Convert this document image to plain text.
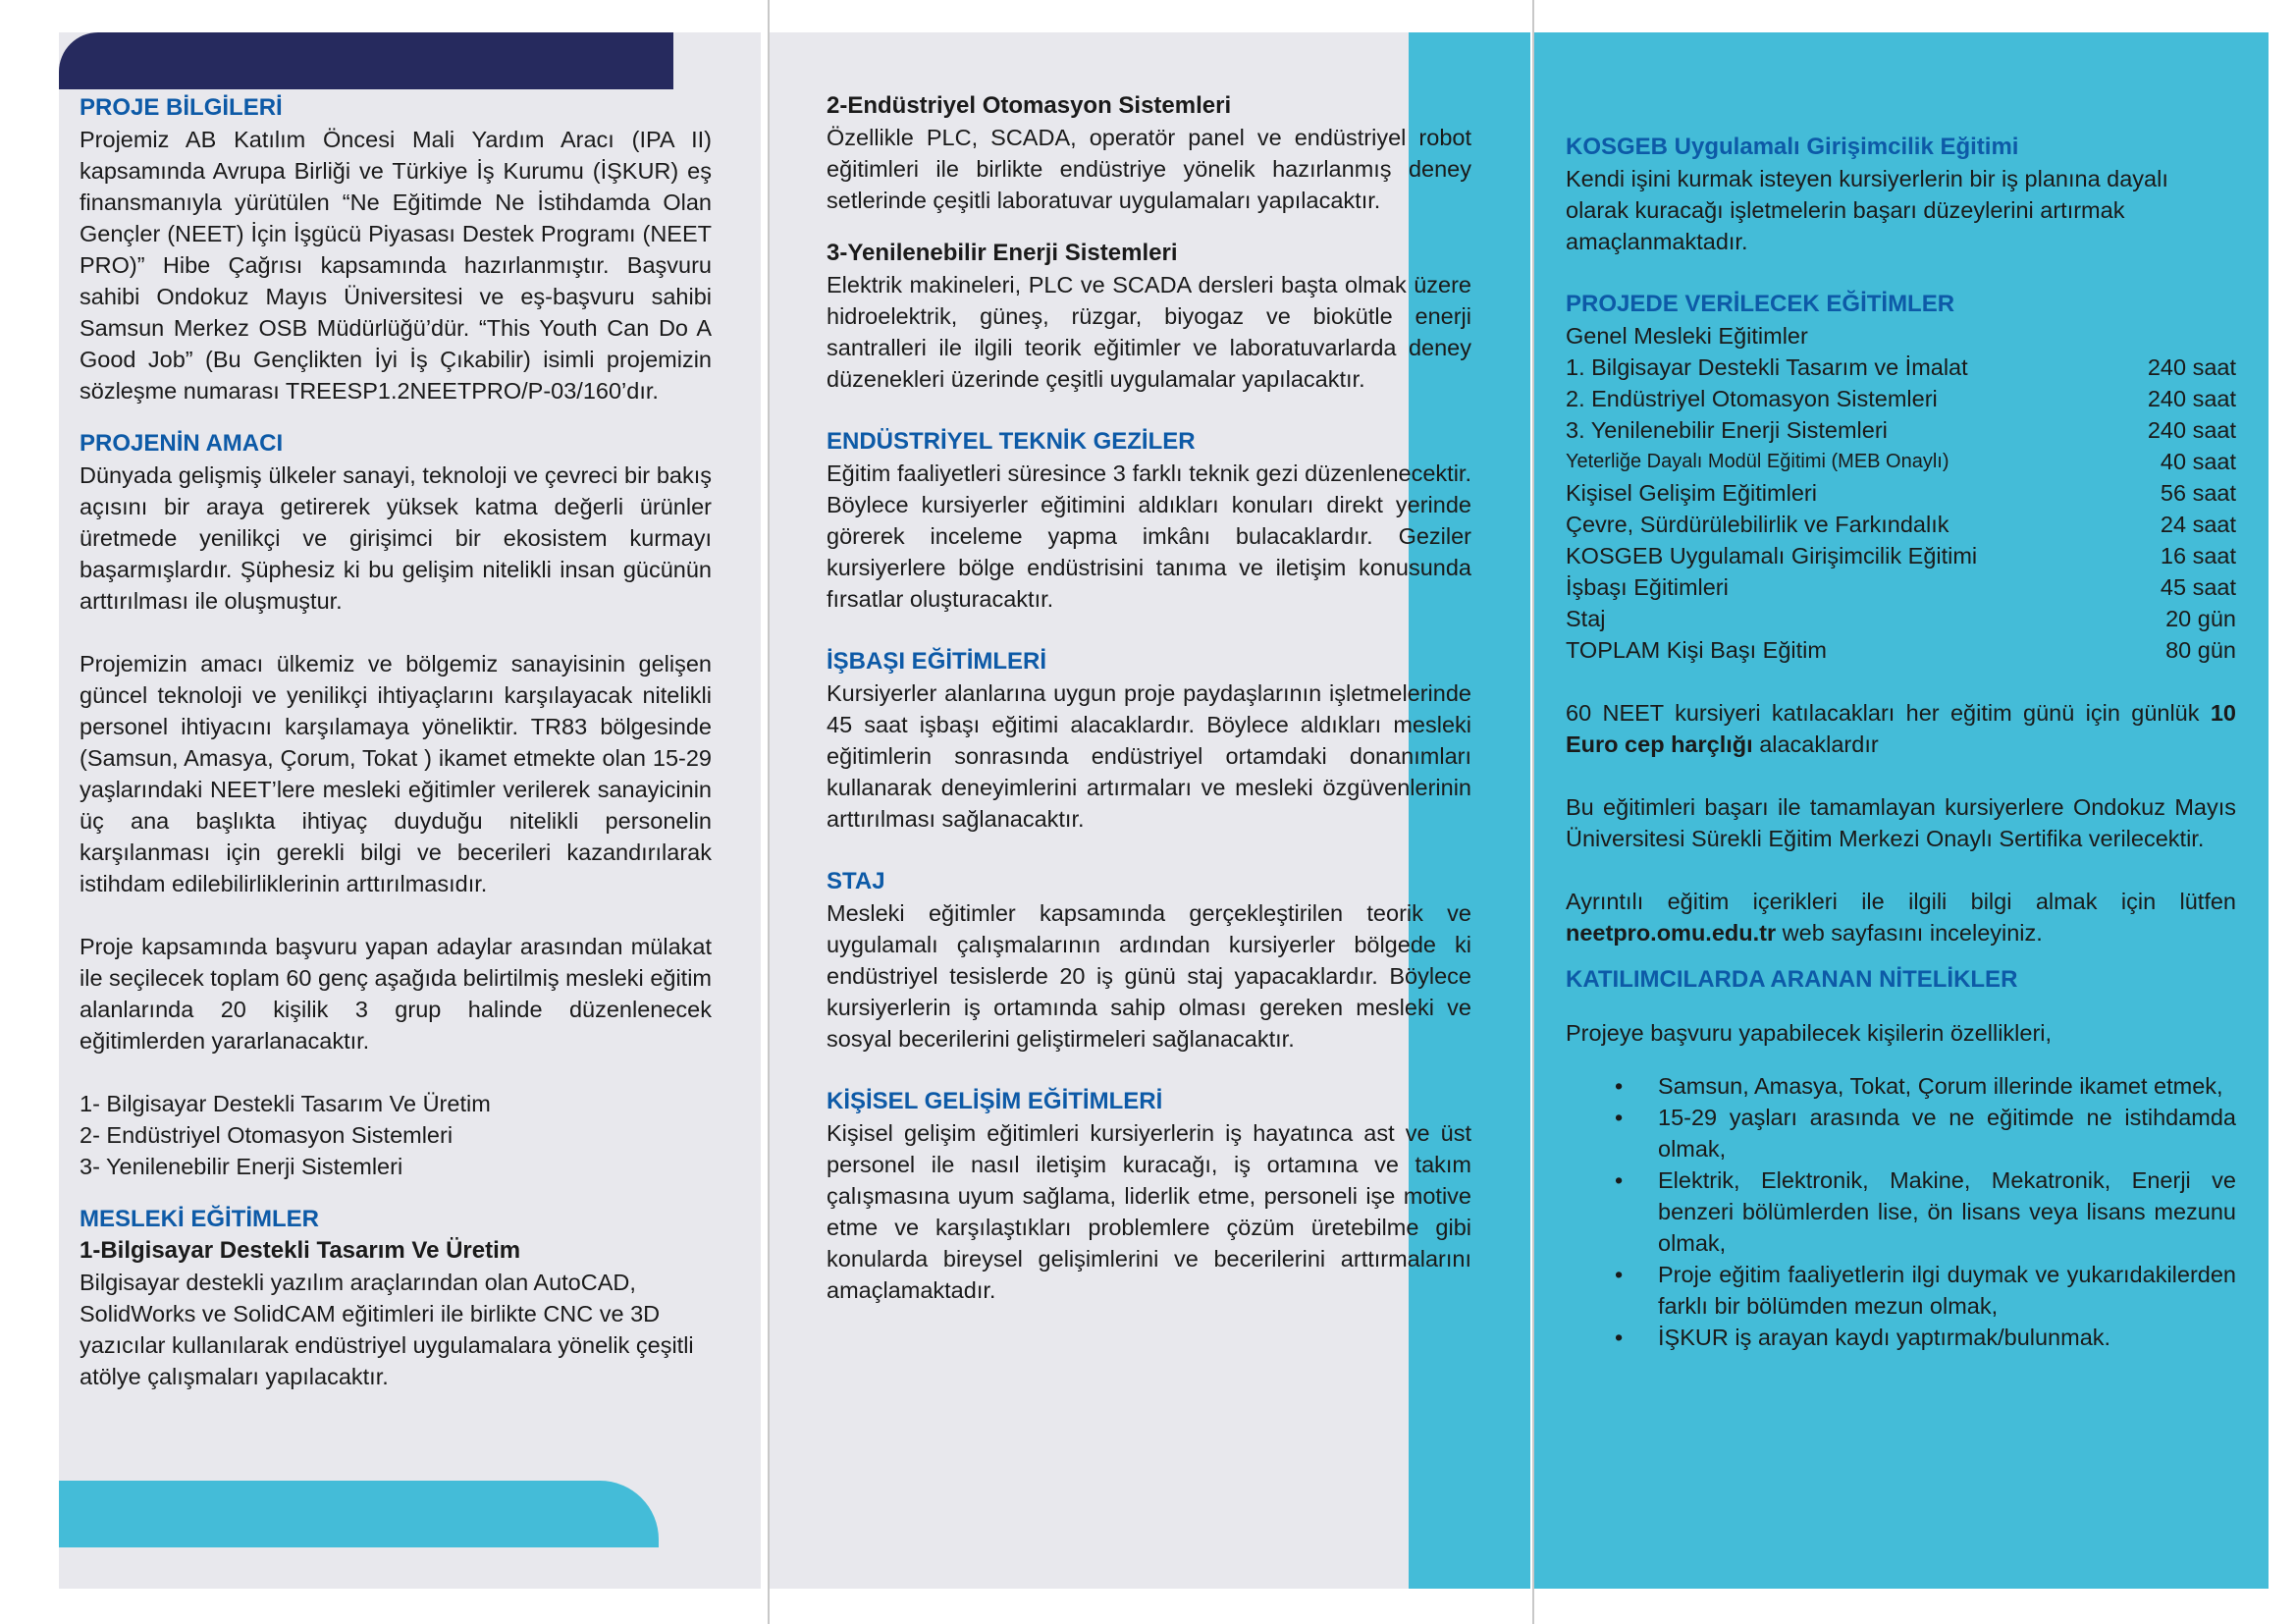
PROJE BİLGİLERİ

Projemiz AB Katılım Öncesi Mali Yardım Aracı (IPA II) kapsamında Avrupa Birliği ve Türkiye İş Kurumu (İŞKUR) eş finansmanıyla yürütülen “Ne Eğitimde Ne İstihdamda Olan Gençler (NEET) İçin İşgücü Piyasası Destek Programı (NEET PRO)” Hibe Çağrısı kapsamında hazırlanmıştır. Başvuru sahibi Ondokuz Mayıs Üniversitesi ve eş-başvuru sahibi Samsun Merkez OSB Müdürlüğü’dür. “This Youth Can Do A Good Job” (Bu Gençlikten İyi İş Çıkabilir) isimli projemizin sözleşme numarası TREESP1.2NEETPRO/P-03/160’dır.

PROJENİN AMACI

Dünyada gelişmiş ülkeler sanayi, teknoloji ve çevreci bir bakış açısını bir araya getirerek yüksek katma değerli ürünler üretmede yenilikçi ve girişimci bir ekosistem kurmayı başarmışlardır. Şüphesiz ki bu gelişim nitelikli insan gücünün arttırılması ile oluşmuştur.

Projemizin amacı ülkemiz ve bölgemiz sanayisinin gelişen güncel teknoloji ve yenilikçi ihtiyaçlarını karşılayacak nitelikli personel ihtiyacını karşılamaya yöneliktir. TR83 bölgesinde (Samsun, Amasya, Çorum, Tokat ) ikamet etmekte olan 15-29 yaşlarındaki NEET’lere mesleki eğitimler verilerek sanayicinin üç ana başlıkta ihtiyaç duyduğu nitelikli personelin karşılanması için gerekli bilgi ve becerileri kazandırılarak istihdam edilebilirliklerinin arttırılmasıdır.

Proje kapsamında başvuru yapan adaylar arasından mülakat ile seçilecek toplam 60 genç aşağıda belirtilmiş mesleki eğitim alanlarında 20 kişilik 3 grup halinde düzenlenecek eğitimlerden yararlanacaktır.

1- Bilgisayar Destekli Tasarım Ve Üretim

2- Endüstriyel Otomasyon Sistemleri

3- Yenilenebilir Enerji Sistemleri

MESLEKİ EĞİTİMLER

1-Bilgisayar Destekli Tasarım Ve Üretim

Bilgisayar destekli yazılım araçlarından olan AutoCAD, SolidWorks ve SolidCAM eğitimleri ile birlikte CNC ve 3D yazıcılar kullanılarak endüstriyel uygulamalara yönelik çeşitli atölye çalışmaları yapılacaktır.

2-Endüstriyel Otomasyon Sistemleri

Özellikle PLC, SCADA, operatör panel ve endüstriyel robot eğitimleri ile birlikte endüstriye yönelik hazırlanmış deney setlerinde çeşitli laboratuvar uygulamaları yapılacaktır.

3-Yenilenebilir Enerji Sistemleri

Elektrik makineleri, PLC ve SCADA dersleri başta olmak üzere hidroelektrik, güneş, rüzgar, biyogaz ve biokütle enerji santralleri ile ilgili teorik eğitimler ve laboratuvarlarda deney düzenekleri üzerinde çeşitli uygulamalar yapılacaktır.

ENDÜSTRİYEL TEKNİK GEZİLER

Eğitim faaliyetleri süresince 3 farklı teknik gezi düzenlenecektir. Böylece kursiyerler eğitimini aldıkları konuları direkt yerinde görerek inceleme yapma imkânı bulacaklardır. Geziler kursiyerlere bölge endüstrisini tanıma ve iletişim konusunda fırsatlar oluşturacaktır.

İŞBAŞI EĞİTİMLERİ

Kursiyerler alanlarına uygun proje paydaşlarının işletmelerinde 45 saat işbaşı eğitimi alacaklardır. Böylece aldıkları mesleki eğitimlerin sonrasında endüstriyel ortamdaki donanımları kullanarak deneyimlerini artırmaları ve mesleki özgüvenlerinin arttırılması sağlanacaktır.

STAJ

Mesleki eğitimler kapsamında gerçekleştirilen teorik ve uygulamalı çalışmalarının ardından kursiyerler bölgede ki endüstriyel tesislerde 20 iş günü staj yapacaklardır. Böylece kursiyerlerin iş ortamında sahip olması gereken mesleki ve sosyal becerilerini geliştirmeleri sağlanacaktır.

KİŞİSEL GELİŞİM EĞİTİMLERİ

Kişisel gelişim eğitimleri kursiyerlerin iş hayatınca ast ve üst personel ile nasıl iletişim kuracağı, iş ortamına ve takım çalışmasına uyum sağlama, liderlik etme, personeli işe motive etme ve karşılaştıkları problemlere çözüm üretebilme gibi konularda bireysel gelişimlerini ve becerilerini arttırmalarını amaçlamaktadır.

KOSGEB Uygulamalı Girişimcilik Eğitimi

Kendi işini kurmak isteyen kursiyerlerin bir iş planına dayalı olarak kuracağı işletmelerin başarı düzeylerini artırmak amaçlanmaktadır.

PROJEDE VERİLECEK EĞİTİMLER

Genel Mesleki Eğitimler

1. Bilgisayar Destekli Tasarım ve İmalat	240 saat
2. Endüstriyel Otomasyon Sistemleri	240 saat
3. Yenilenebilir Enerji Sistemleri	240 saat
Yeterliğe Dayalı Modül Eğitimi (MEB Onaylı)	40 saat
Kişisel Gelişim Eğitimleri	56 saat
Çevre, Sürdürülebilirlik ve Farkındalık	24 saat
KOSGEB Uygulamalı Girişimcilik Eğitimi	16 saat
İşbaşı Eğitimleri	45 saat
Staj	20 gün
TOPLAM Kişi Başı Eğitim	80 gün

60 NEET kursiyeri katılacakları her eğitim günü için günlük 10 Euro cep harçlığı alacaklardır

Bu eğitimleri başarı ile tamamlayan kursiyerlere Ondokuz Mayıs Üniversitesi Sürekli Eğitim Merkezi Onaylı Sertifika verilecektir.

Ayrıntılı eğitim içerikleri ile ilgili bilgi almak için lütfen neetpro.omu.edu.tr web sayfasını inceleyiniz.

KATILIMCILARDA ARANAN NİTELİKLER

Projeye başvuru yapabilecek kişilerin özellikleri,

• Samsun, Amasya, Tokat, Çorum illerinde ikamet etmek,
• 15-29 yaşları arasında ve ne eğitimde ne istihdamda olmak,
• Elektrik, Elektronik, Makine, Mekatronik, Enerji ve benzeri bölümlerden lise, ön lisans veya lisans mezunu olmak,
• Proje eğitim faaliyetlerin ilgi duymak ve yukarıdakilerden farklı bir bölümden mezun olmak,
• İŞKUR iş arayan kaydı yaptırmak/bulunmak.
